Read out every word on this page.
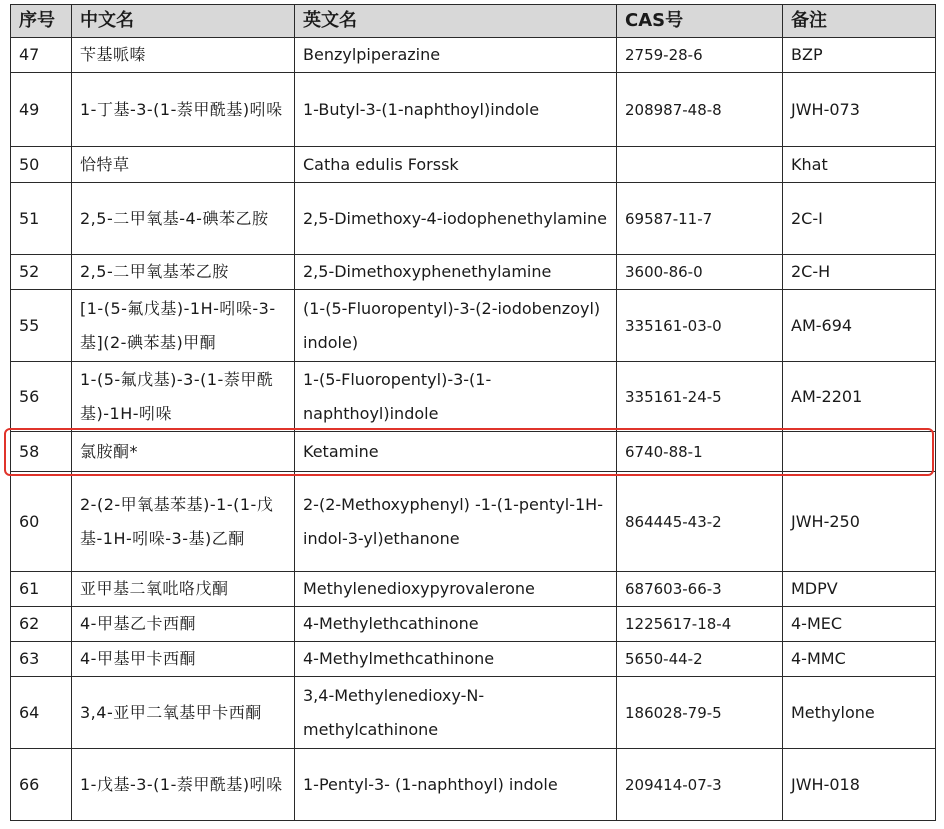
序号	中文名	英文名	CAS号	备注
47	苄基哌嗪	Benzylpiperazine	2759-28-6	BZP
49	1-丁基-3-(1-萘甲酰基)吲哚	1-Butyl-3-(1-naphthoyl)indole	208987-48-8	JWH-073
50	恰特草	Catha edulis Forssk		Khat
51	2,5-二甲氧基-4-碘苯乙胺	2,5-Dimethoxy-4-iodophenethylamine	69587-11-7	2C-I
52	2,5-二甲氧基苯乙胺	2,5-Dimethoxyphenethylamine	3600-86-0	2C-H
55	[1-(5-氟戊基)-1H-吲哚-3-基](2-碘苯基)甲酮	(1-(5-Fluoropentyl)-3-(2-iodobenzoyl) indole)	335161-03-0	AM-694
56	1-(5-氟戊基)-3-(1-萘甲酰基)-1H-吲哚	1-(5-Fluoropentyl)-3-(1-naphthoyl)indole	335161-24-5	AM-2201
58	氯胺酮*	Ketamine	6740-88-1	
60	2-(2-甲氧基苯基)-1-(1-戊基-1H-吲哚-3-基)乙酮	2-(2-Methoxyphenyl) -1-(1-pentyl-1H-indol-3-yl)ethanone	864445-43-2	JWH-250
61	亚甲基二氧吡咯戊酮	Methylenedioxypyrovalerone	687603-66-3	MDPV
62	4-甲基乙卡西酮	4-Methylethcathinone	1225617-18-4	4-MEC
63	4-甲基甲卡西酮	4-Methylmethcathinone	5650-44-2	4-MMC
64	3,4-亚甲二氧基甲卡西酮	3,4-Methylenedioxy-N-methylcathinone	186028-79-5	Methylone
66	1-戊基-3-(1-萘甲酰基)吲哚	1-Pentyl-3- (1-naphthoyl) indole	209414-07-3	JWH-018
